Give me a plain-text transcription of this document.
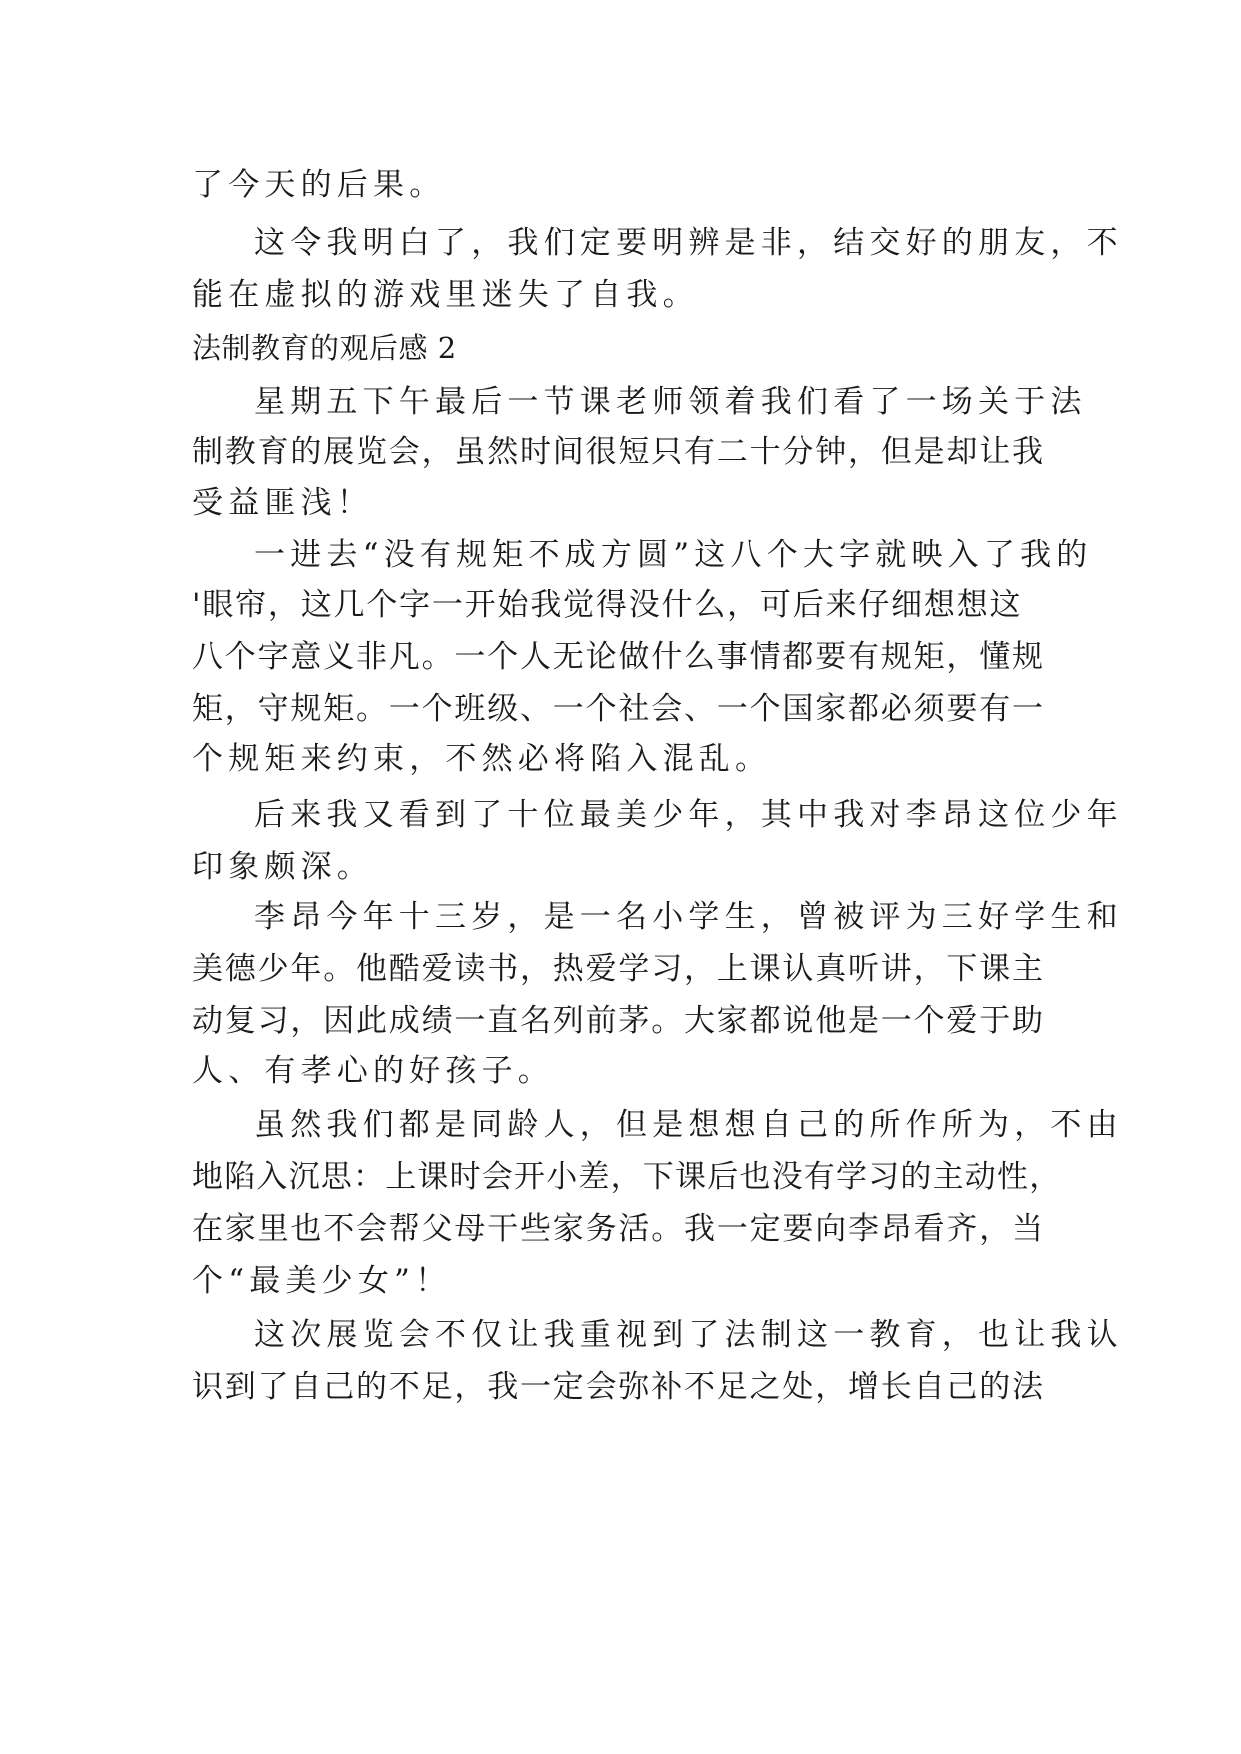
了今天的后果。
这令我明白了，我们定要明辨是非，结交好的朋友，不
能在虚拟的游戏里迷失了自我。
法制教育的观后感 2
星期五下午最后一节课老师领着我们看了一场关于法
制教育的展览会，虽然时间很短只有二十分钟，但是却让我
受益匪浅！
一进去“没有规矩不成方圆”这八个大字就映入了我的
'眼帘，这几个字一开始我觉得没什么，可后来仔细想想这
八个字意义非凡。一个人无论做什么事情都要有规矩，懂规
矩，守规矩。一个班级、一个社会、一个国家都必须要有一
个规矩来约束，不然必将陷入混乱。
后来我又看到了十位最美少年，其中我对李昂这位少年
印象颇深。
李昂今年十三岁，是一名小学生，曾被评为三好学生和
美德少年。他酷爱读书，热爱学习，上课认真听讲，下课主
动复习，因此成绩一直名列前茅。大家都说他是一个爱于助
人、有孝心的好孩子。
虽然我们都是同龄人，但是想想自己的所作所为，不由
地陷入沉思：上课时会开小差，下课后也没有学习的主动性，
在家里也不会帮父母干些家务活。我一定要向李昂看齐，当
个“最美少女”！
这次展览会不仅让我重视到了法制这一教育，也让我认
识到了自己的不足，我一定会弥补不足之处，增长自己的法
